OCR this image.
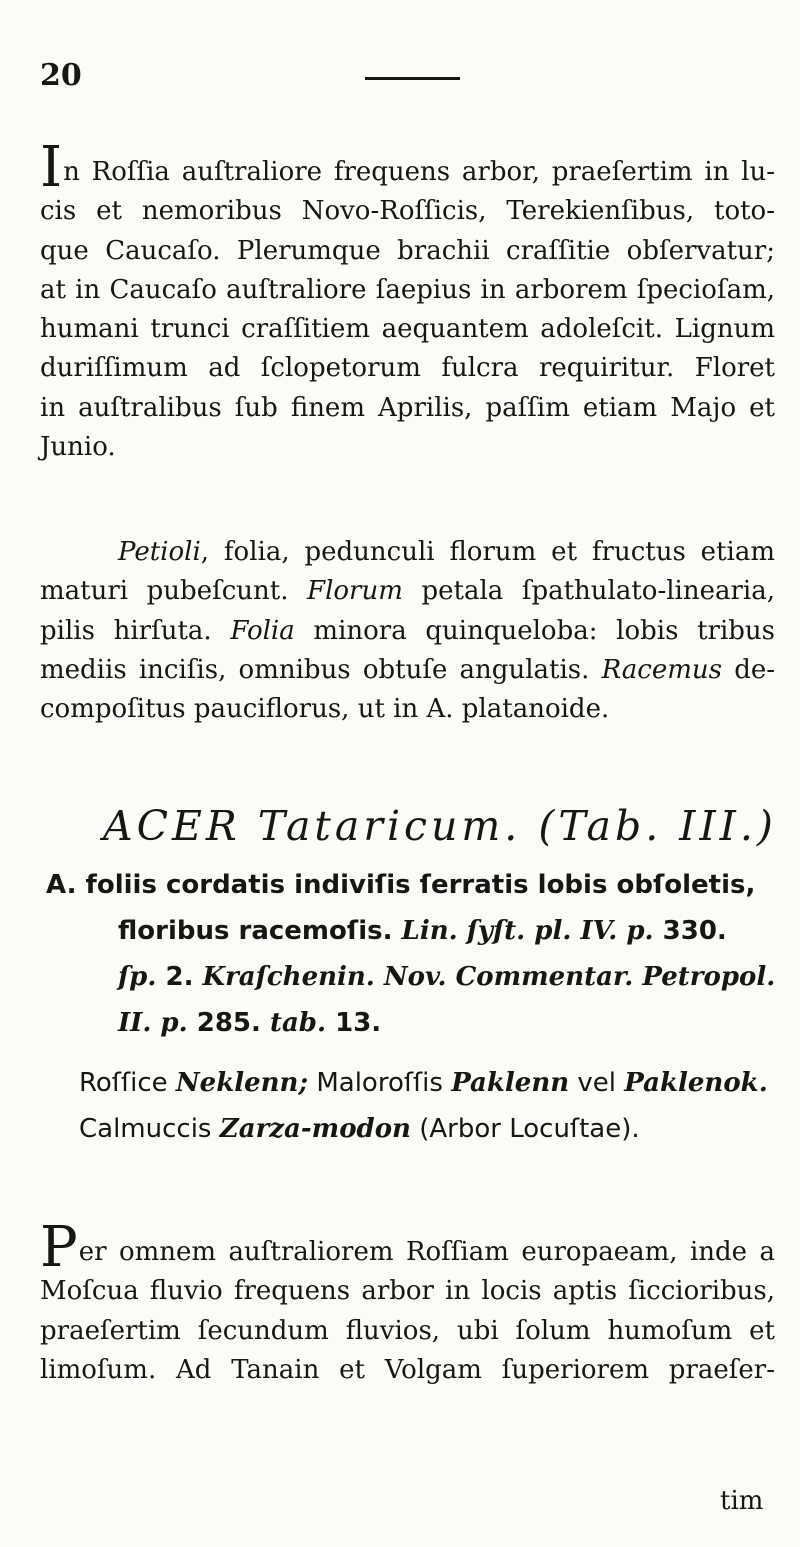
20
In Roſſia auſtraliore frequens arbor, praeſertim in lu-
cis et nemoribus Novo-Roſſicis, Terekienſibus, toto-
que Caucaſo. Plerumque brachii craſſitie obſervatur;
at in Caucaſo auſtraliore ſaepius in arborem ſpecioſam,
humani trunci craſſitiem aequantem adoleſcit. Lignum
duriſſimum ad ſclopetorum fulcra requiritur. Floret
in auſtralibus ſub finem Aprilis, paſſim etiam Majo et
Junio.
Petioli, folia, pedunculi florum et fructus etiam
maturi pubeſcunt. Florum petala ſpathulato-linearia,
pilis hirſuta. Folia minora quinqueloba: lobis tribus
mediis inciſis, omnibus obtuſe angulatis. Racemus de-
compoſitus pauciflorus, ut in A. platanoide.
ACER Tataricum. (Tab. III.)
A. foliis cordatis indiviſis ſerratis lobis obſoletis,
floribus racemoſis. Lin. ſyſt. pl. IV. p. 330.
ſp. 2. Kraſchenin. Nov. Commentar. Petropol.
II. p. 285. tab. 13.
Roſſice Neklenn; Maloroſſis Paklenn vel Paklenok.
Calmuccis Zarza-modon (Arbor Locuſtae).
Per omnem auſtraliorem Roſſiam europaeam, inde a
Moſcua fluvio frequens arbor in locis aptis ſiccioribus,
praeſertim ſecundum fluvios, ubi ſolum humoſum et
limoſum. Ad Tanain et Volgam ſuperiorem praeſer-
tim
